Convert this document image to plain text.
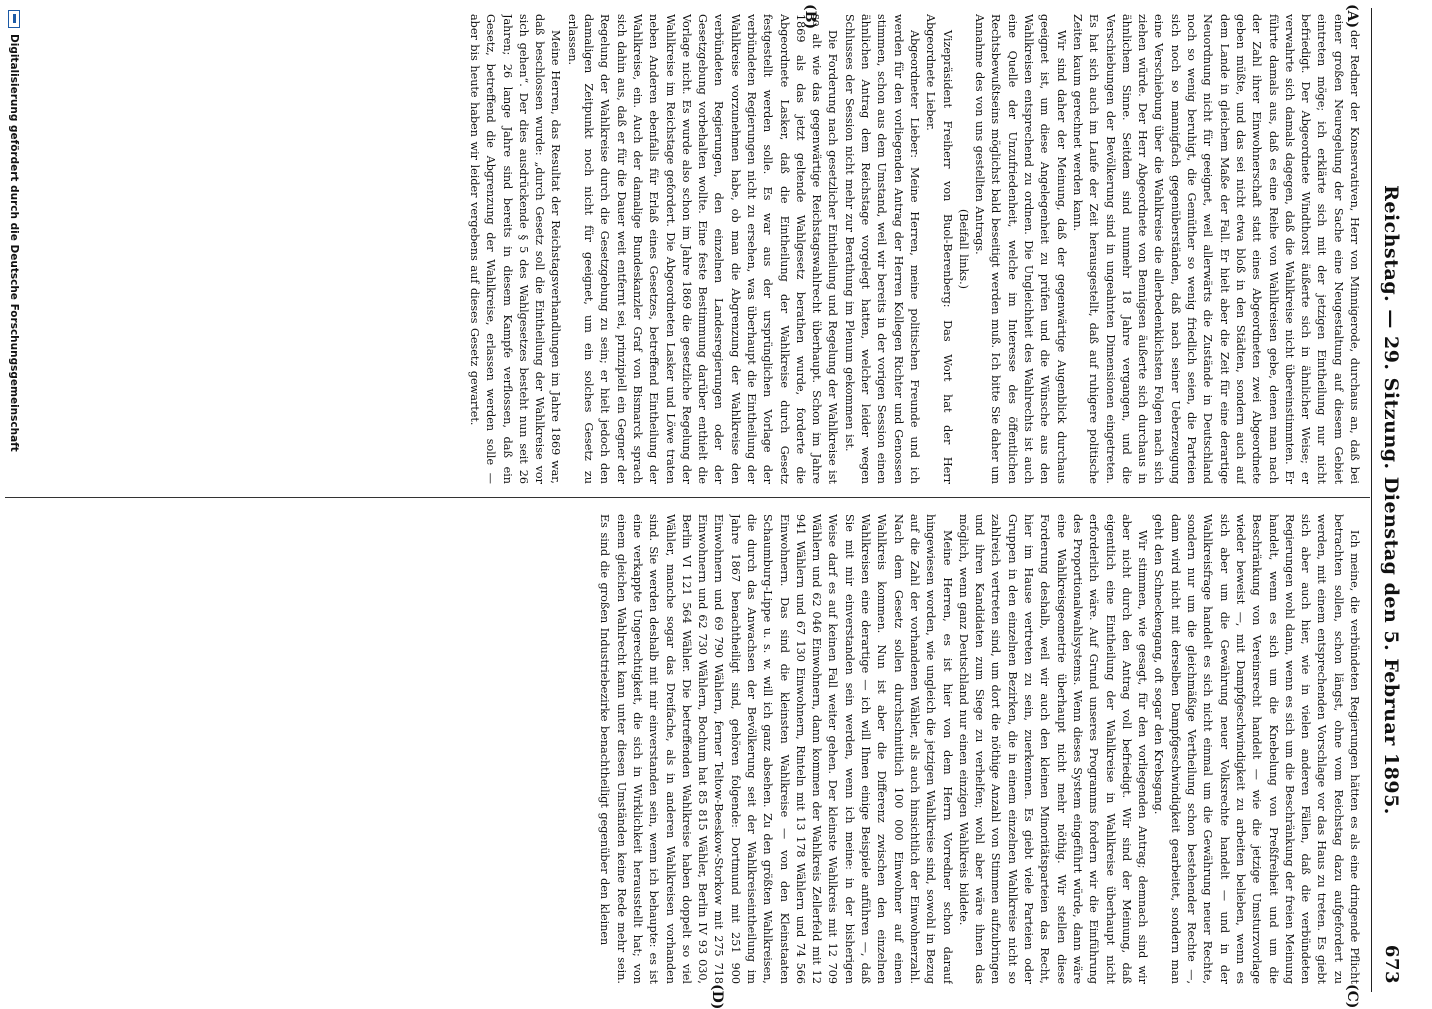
Reichstag. — 29. Sitzung. Dienstag den 5. Februar 1895.
673
(A)
(B)
(C)
(D)

der Redner der Konservativen, Herr von Minnigerode, durchaus an, daß bei einer großen Neuregelung der Sache eine Neugestaltung auf diesem Gebiet eintreten möge; ich erklärte sich mit der jetzigen Eintheilung nur nicht befriedigt. Der Abgeordnete Windthorst äußerte sich in ähnlicher Weise; er verwahrte sich damals dagegen, daß die Wahlkreise nicht übereinstimmten. Er führte damals aus, daß es eine Reihe von Wahlkreisen gebe, denen man nach der Zahl ihrer Einwohnerschaft statt eines Abgeordneten zwei Abgeordnete geben müßte, und das sei nicht etwa bloß in den Städten, sondern auch auf dem Lande in gleichem Maße der Fall. Er hielt aber die Zeit für eine derartige Neuordnung nicht für geeignet, weil allerwärts die Zustände in Deutschland noch so wenig beruhigt, die Gemüther so wenig friedlich seien, die Parteien sich noch so mannigfach gegenüberständen, daß nach seiner Ueberzeugung eine Verschiebung über die Wahlkreise die allerbedenklichsten Folgen nach sich ziehen würde. Der Herr Abgeordnete von Bennigsen äußerte sich durchaus in ähnlichem Sinne. Seitdem sind nunmehr 18 Jahre vergangen, und die Verschiebungen der Bevölkerung sind in ungeahnten Dimensionen eingetreten. Es hat sich auch im Laufe der Zeit herausgestellt, daß auf ruhigere politische Zeiten kaum gerechnet werden kann.

Wir sind daher der Meinung, daß der gegenwärtige Augenblick durchaus geeignet ist, um diese Angelegenheit zu prüfen und die Wünsche aus den Wahlkreisen entsprechend zu ordnen. Die Ungleichheit des Wahlrechts ist auch eine Quelle der Unzufriedenheit, welche im Interesse des öffentlichen Rechtsbewußtseins möglichst bald beseitigt werden muß. Ich bitte Sie daher um Annahme des von uns gestellten Antrags.

(Beifall links.)

Vizepräsident Freiherr von Buol-Berenberg: Das Wort hat der Herr Abgeordnete Lieber.

Abgeordneter Lieber: Meine Herren, meine politischen Freunde und ich werden für den vorliegenden Antrag der Herren Kollegen Richter und Genossen stimmen, schon aus dem Umstand, weil wir bereits in der vorigen Session einen ähnlichen Antrag dem Reichstage vorgelegt hatten, welcher leider wegen Schlusses der Session nicht mehr zur Berathung im Plenum gekommen ist.

Die Forderung nach gesetzlicher Eintheilung und Regelung der Wahlkreise ist so alt wie das gegenwärtige Reichstagswahlrecht überhaupt. Schon im Jahre 1869 als das jetzt geltende Wahlgesetz berathen wurde, forderte die Abgeordnete Lasker, daß die Eintheilung der Wahlkreise durch Gesetz festgestellt werden solle. Es war aus der ursprünglichen Vorlage der verbündeten Regierungen nicht zu ersehen, was überhaupt die Eintheilung der Wahlkreise vorzunehmen habe, ob man die Abgrenzung der Wahlkreise den verbündeten Regierungen, den einzelnen Landesregierungen oder der Gesetzgebung vorbehalten wollte. Eine feste Bestimmung darüber enthielt die Vorlage nicht. Es wurde also schon im Jahre 1869 die gesetzliche Regelung der Wahlkreise im Reichstage gefordert. Die Abgeordneten Lasker und Löwe traten neben Anderen ebenfalls für Erlaß eines Gesetzes, betreffend Eintheilung der Wahlkreise, ein. Auch der damalige Bundeskanzler Graf von Bismarck sprach sich dahin aus, daß er für die Dauer weit entfernt sei, prinzipiell ein Gegner der Regelung der Wahlkreise durch die Gesetzgebung zu sein; er hielt jedoch den damaligen Zeitpunkt noch nicht für geeignet, um ein solches Gesetz zu erlassen.

Meine Herren, das Resultat der Reichstagsverhandlungen im Jahre 1869 war, daß beschlossen wurde: „durch Gesetz soll die Eintheilung der Wahlkreise vor sich gehen“. Der dies ausdrückende § 5 des Wahlgesetzes besteht nun seit 26 Jahren; 26 lange Jahre sind bereits in diesem Kampfe verflossen, daß ein Gesetz, betreffend die Abgrenzung der Wahlkreise, erlassen werden solle — aber bis heute haben wir leider vergebens auf dieses Gesetz gewartet.

Ich meine, die verbündeten Regierungen hätten es als eine dringende Pflicht betrachten sollen, schon längst, ohne vom Reichstag dazu aufgefordert zu werden, mit einem entsprechenden Vorschlage vor das Haus zu treten. Es giebt sich aber auch hier, wie in vielen anderen Fällen, daß die verbündeten Regierungen wohl dann, wenn es sich um die Beschränkung der freien Meinung handelt, wenn es sich um die Knebelung von Preßfreiheit und um die Beschränkung von Vereinsrecht handelt — wie die jetzige Umsturzvorlage wieder beweist —, mit Dampfgeschwindigkeit zu arbeiten belieben, wenn es sich aber um die Gewährung neuer Volksrechte handelt — und in der Wahlkreisfrage handelt es sich nicht einmal um die Gewährung neuer Rechte, sondern nur um die gleichmäßige Vertheilung schon bestehender Rechte —, dann wird nicht mit derselben Dampfgeschwindigkeit gearbeitet, sondern man geht den Schneckengang, oft sogar den Krebsgang.

Wir stimmen, wie gesagt, für den vorliegenden Antrag; demnach sind wir aber nicht durch den Antrag voll befriedigt. Wir sind der Meinung, daß eigentlich eine Eintheilung der Wahlkreise in Wahlkreise überhaupt nicht erforderlich wäre. Auf Grund unseres Programms fordern wir die Einführung des Proportionalwahlsystems. Wenn dieses System eingeführt würde, dann wäre eine Wahlkreisgeometrie überhaupt nicht mehr nöthig. Wir stellen diese Forderung deshalb, weil wir auch den kleinen Minoritätsparteien das Recht, hier im Hause vertreten zu sein, zuerkennen. Es giebt viele Parteien oder Gruppen in den einzelnen Bezirken, die in einem einzelnen Wahlkreise nicht so zahlreich vertreten sind, um dort die nöthige Anzahl von Stimmen aufzubringen und ihren Kandidaten zum Siege zu verhelfen; wohl aber wäre ihnen das möglich, wenn ganz Deutschland nur einen einzigen Wahlkreis bildete.

Meine Herren, es ist hier von dem Herrn Vorredner schon darauf hingewiesen worden, wie ungleich die jetzigen Wahlkreise sind, sowohl in Bezug auf die Zahl der vorhandenen Wähler, als auch hinsichtlich der Einwohnerzahl. Nach dem Gesetz sollen durchschnittlich 100 000 Einwohner auf einen Wahlkreis kommen. Nun ist aber die Differenz zwischen den einzelnen Wahlkreisen eine derartige — ich will Ihnen einige Beispiele anführen —, daß Sie mit mir einverstanden sein werden, wenn ich meine: in der bisherigen Weise darf es auf keinen Fall weiter gehen. Der kleinste Wahlkreis mit 12 709 Wählern und 62 046 Einwohnern, dann kommen der Wahlkreis Zellerfeld mit 12 941 Wählern und 67 130 Einwohnern, Rinteln mit 13 178 Wählern und 74 566 Einwohnern. Das sind die kleinsten Wahlkreise — von den Kleinstaaten Schaumburg-Lippe u. s. w. will ich ganz absehen. Zu den größten Wahlkreisen, die durch das Anwachsen der Bevölkerung seit der Wahlkreiseintheilung im Jahre 1867 benachtheiligt sind, gehören folgende: Dortmund mit 251 900 Einwohnern und 69 790 Wählern, ferner Teltow-Beeskow-Storkow mit 275 718 Einwohnern und 62 730 Wählern, Bochum hat 85 815 Wähler, Berlin IV 93 030, Berlin VI 121 564 Wähler. Die betreffenden Wahlkreise haben doppelt so viel Wähler, manche sogar das Dreifache, als in anderen Wahlkreisen vorhanden sind. Sie werden deshalb mit mir einverstanden sein, wenn ich behaupte: es ist eine verkappte Ungerechtigkeit, die sich in Wirklichkeit herausstellt hat; von einem gleichen Wahlrecht kann unter diesen Umständen keine Rede mehr sein. Es sind die großen Industriebezirke benachtheiligt gegenüber den kleinen

Digitalisierung gefördert durch die Deutsche Forschungsgemeinschaft
